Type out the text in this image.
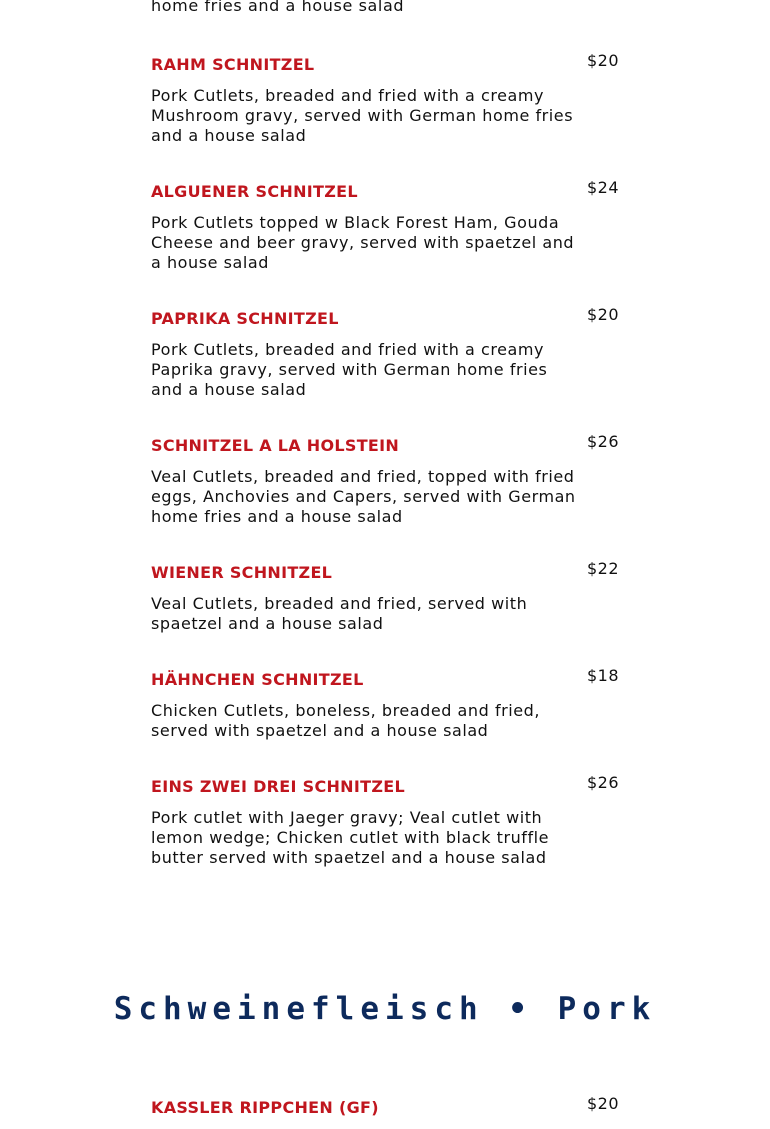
home fries and a house salad
RAHM SCHNITZEL	$20
Pork Cutlets, breaded and fried with a creamy Mushroom gravy, served with German home fries and a house salad
ALGUENER SCHNITZEL	$24
Pork Cutlets topped w Black Forest Ham, Gouda Cheese and beer gravy, served with spaetzel and a house salad
PAPRIKA SCHNITZEL	$20
Pork Cutlets, breaded and fried with a creamy Paprika gravy, served with German home fries and a house salad
SCHNITZEL A LA HOLSTEIN	$26
Veal Cutlets, breaded and fried, topped with fried eggs, Anchovies and Capers, served with German home fries and a house salad
WIENER SCHNITZEL	$22
Veal Cutlets, breaded and fried, served with spaetzel and a house salad
HÄHNCHEN SCHNITZEL	$18
Chicken Cutlets, boneless, breaded and fried, served with spaetzel and a house salad
EINS ZWEI DREI SCHNITZEL	$26
Pork cutlet with Jaeger gravy; Veal cutlet with lemon wedge; Chicken cutlet with black truffle butter served with spaetzel and a house salad
Schweinefleisch • Pork
KASSLER RIPPCHEN (GF)	$20
